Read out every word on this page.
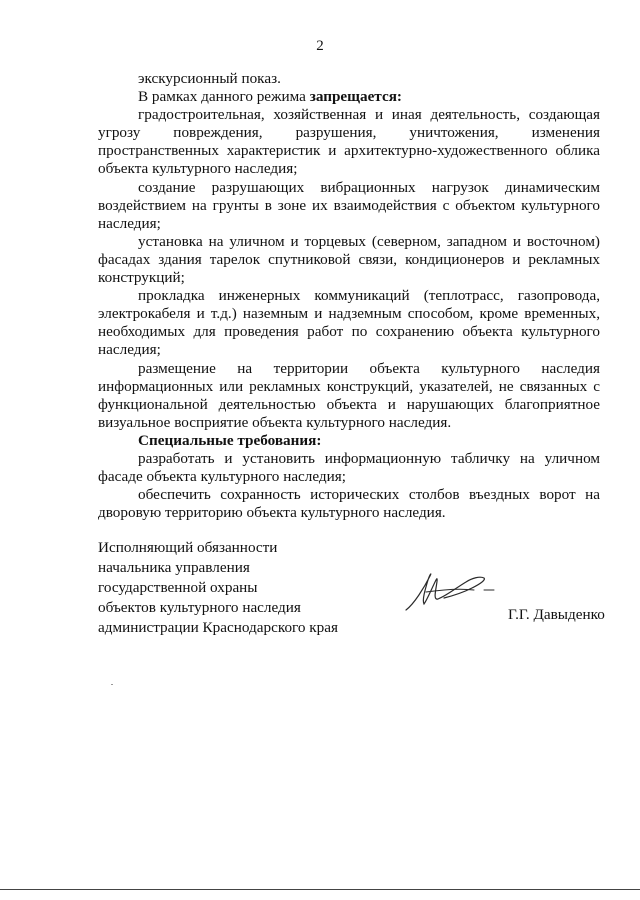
2

экскурсионный показ.

В рамках данного режима запрещается:

градостроительная, хозяйственная и иная деятельность, создающая угрозу повреждения, разрушения, уничтожения, изменения пространственных характеристик и архитектурно-художественного облика объекта культурного наследия;

создание разрушающих вибрационных нагрузок динамическим воздействием на грунты в зоне их взаимодействия с объектом культурного наследия;

установка на уличном и торцевых (северном, западном и восточном) фасадах здания тарелок спутниковой связи, кондиционеров и рекламных конструкций;

прокладка инженерных коммуникаций (теплотрасс, газопровода, электрокабеля и т.д.) наземным и надземным способом, кроме временных, необходимых для проведения работ по сохранению объекта культурного наследия;

размещение на территории объекта культурного наследия информационных или рекламных конструкций, указателей, не связанных с функциональной деятельностью объекта и нарушающих благоприятное визуальное восприятие объекта культурного наследия.

Специальные требования:

разработать и установить информационную табличку на уличном фасаде объекта культурного наследия;

обеспечить сохранность исторических столбов въездных ворот на дворовую территорию объекта культурного наследия.

Исполняющий обязанности
начальника управления
государственной охраны
объектов культурного наследия
администрации Краснодарского края
Г.Г. Давыденко
